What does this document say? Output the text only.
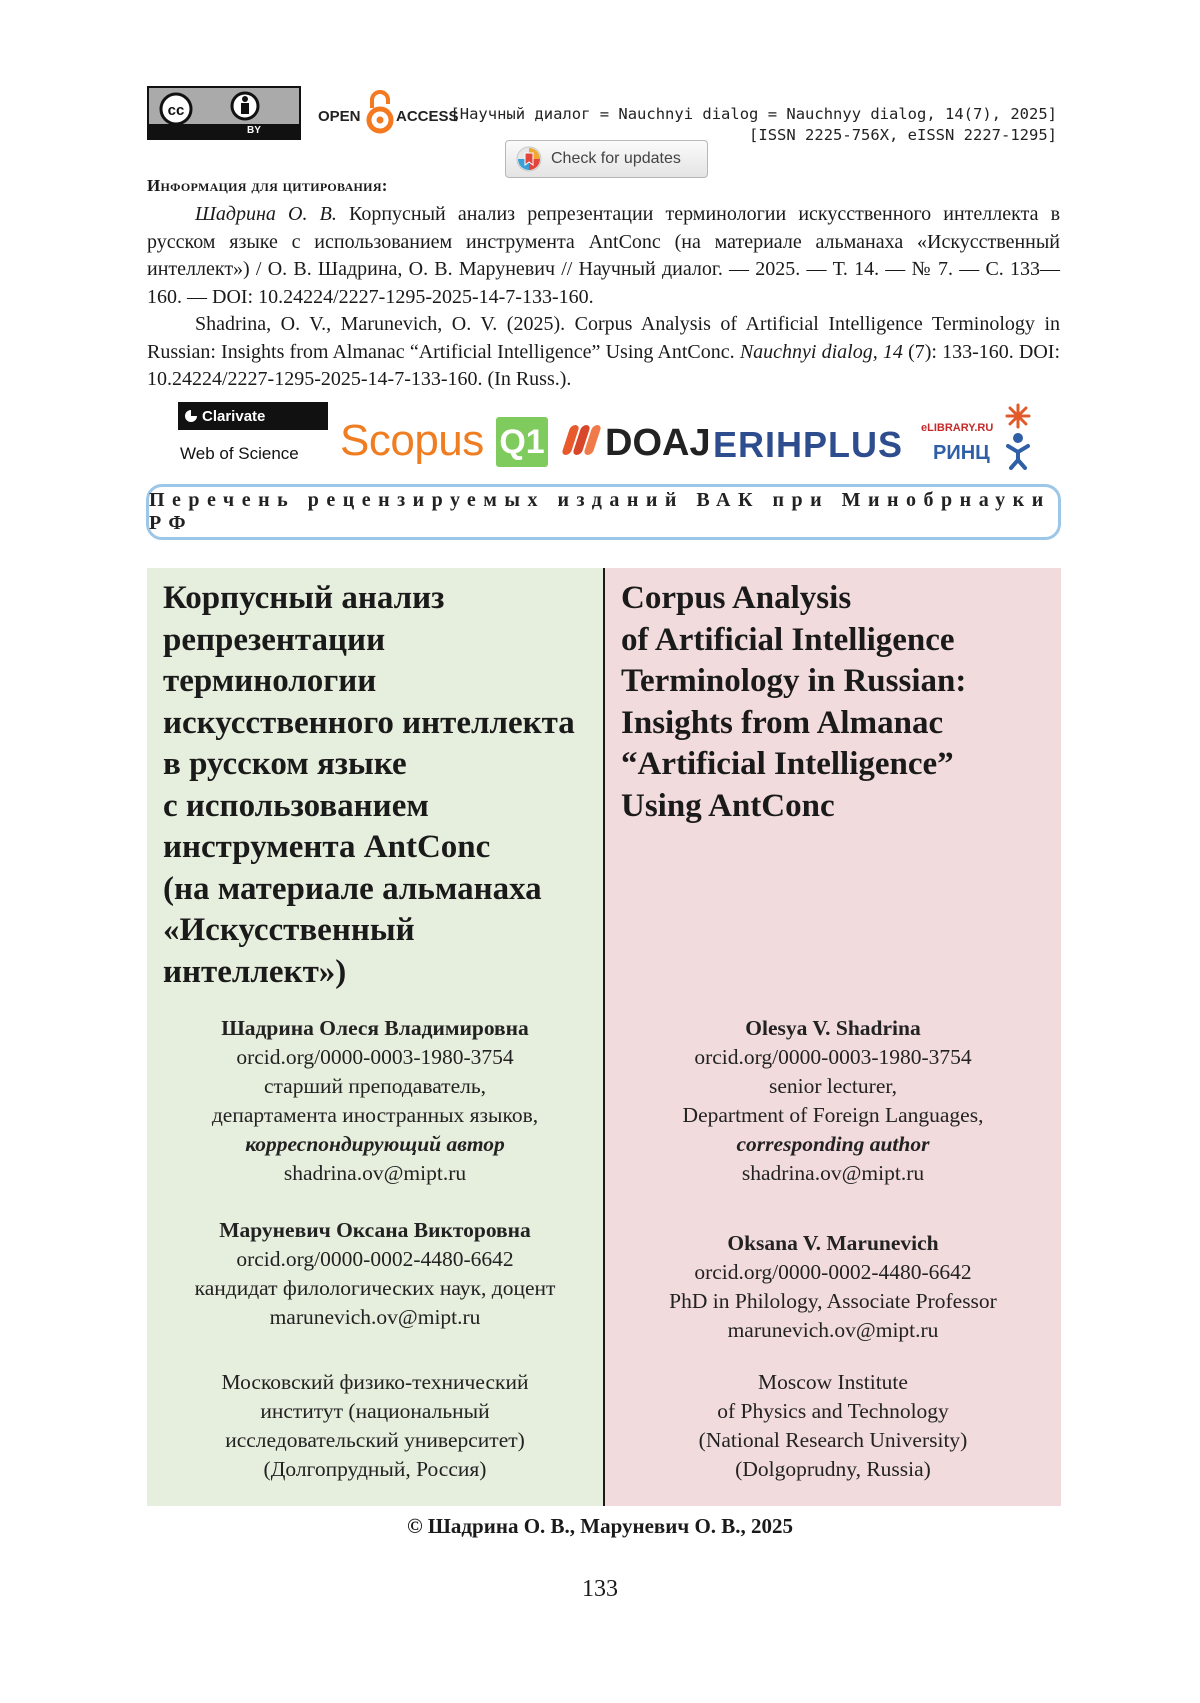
cc
BY
OPEN ACCESS
[Научный диалог = Nauchnyi dialog = Nauchnyy dialog, 14(7), 2025]
[ISSN 2225-756X, eISSN 2227-1295]
Check for updates
Информация для цитирования:

Шадрина О. В. Корпусный анализ репрезентации терминологии искусственного интеллекта в русском языке с использованием инструмента AntConc (на материале альманаха «Искусственный интеллект») / О. В. Шадрина, О. В. Маруневич // Научный диалог. — 2025. — Т. 14. — № 7. — С. 133—160. — DOI: 10.24224/2227-1295-2025-14-7-133-160.

Shadrina, O. V., Marunevich, O. V. (2025). Corpus Analysis of Artificial Intelligence Terminology in Russian: Insights from Almanac “Artificial Intelligence” Using AntConc. Nauchnyi dialog, 14 (7): 133-160. DOI: 10.24224/2227-1295-2025-14-7-133-160. (In Russ.).

Clarivate
Web of Science Scopus Q1 DOAJ ERIHPLUS eLIBRARY.RU
РИНЦ
Перечень рецензируемых изданий ВАК при Минобрнауки РФ
Корпусный анализ
репрезентации
терминологии
искусственного интеллекта
в русском языке
с использованием
инструмента AntConc
(на материале альманаха
«Искусственный
интеллект»)
Шадрина Олеся Владимировна
orcid.org/0000-0003-1980-3754
старший преподаватель,
департамента иностранных языков,
корреспондирующий автор
shadrina.ov@mipt.ru
Маруневич Оксана Викторовна
orcid.org/0000-0002-4480-6642
кандидат филологических наук, доцент
marunevich.ov@mipt.ru
Московский физико-технический
институт (национальный
исследовательский университет)
(Долгопрудный, Россия)
Corpus Analysis
of Artificial Intelligence
Terminology in Russian:
Insights from Almanac
“Artificial Intelligence”
Using AntConc
Olesya V. Shadrina
orcid.org/0000-0003-1980-3754
senior lecturer,
Department of Foreign Languages,
corresponding author
shadrina.ov@mipt.ru
Oksana V. Marunevich
orcid.org/0000-0002-4480-6642
PhD in Philology, Associate Professor
marunevich.ov@mipt.ru
Moscow Institute
of Physics and Technology
(National Research University)
(Dolgoprudny, Russia)
© Шадрина О. В., Маруневич О. В., 2025
133
